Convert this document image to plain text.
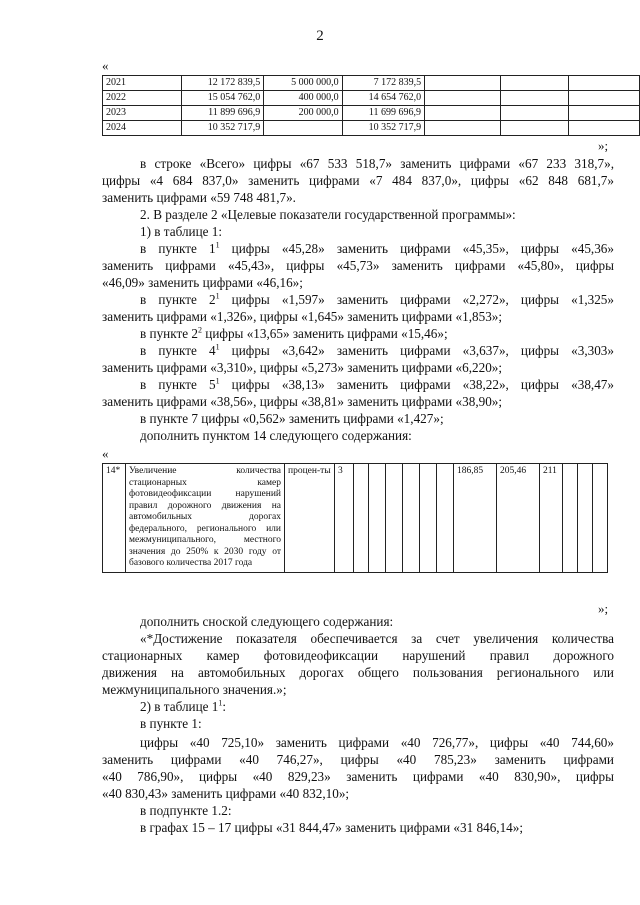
2
«
2021	12 172 839,5	5 000 000,0	7 172 839,5			
2022	15 054 762,0	400 000,0	14 654 762,0			
2023	11 899 696,9	200 000,0	11 699 696,9			
2024	10 352 717,9		10 352 717,9			
»;
в строке «Всего» цифры «67 533 518,7» заменить цифрами «67 233 318,7»,
цифры «4 684 837,0» заменить цифрами «7 484 837,0», цифры «62 848 681,7»
заменить цифрами «59 748 481,7».
2. В разделе 2 «Целевые показатели государственной программы»:
1) в таблице 1:
в пункте $1^1$ цифры «45,28» заменить цифрами «45,35», цифры «45,36»
заменить цифрами «45,43», цифры «45,73» заменить цифрами «45,80», цифры
«46,09» заменить цифрами «46,16»;
в пункте $2^1$ цифры «1,597» заменить цифрами «2,272», цифры «1,325»
заменить цифрами «1,326», цифры «1,645» заменить цифрами «1,853»;
в пункте $2^2$ цифры «13,65» заменить цифрами «15,46»;
в пункте $4^1$ цифры «3,642» заменить цифрами «3,637», цифры «3,303»
заменить цифрами «3,310», цифры «5,273» заменить цифрами «6,220»;
в пункте $5^1$ цифры «38,13» заменить цифрами «38,22», цифры «38,47»
заменить цифрами «38,56», цифры «38,81» заменить цифрами «38,90»;
в пункте 7 цифры «0,562» заменить цифрами «1,427»;
дополнить пунктом 14 следующего содержания:
«
14*	Увеличение количества стационарных камер фотовидеофиксации нарушений правил дорожного движения на автомобильных дорогах федерального, регионального или межмуниципального, местного значения до 250% к 2030 году от базового количества 2017 года	процен-ты	3							186,85	205,46	211			
»;
дополнить сноской следующего содержания:
«*Достижение показателя обеспечивается за счет увеличения количества
стационарных камер фотовидеофиксации нарушений правил дорожного
движения на автомобильных дорогах общего пользования регионального или
межмуниципального значения.»;
2) в таблице $1^1$:
в пункте 1:
цифры «40 725,10» заменить цифрами «40 726,77», цифры «40 744,60»
заменить цифрами «40 746,27», цифры «40 785,23» заменить цифрами
«40 786,90», цифры «40 829,23» заменить цифрами «40 830,90», цифры
«40 830,43» заменить цифрами «40 832,10»;
в подпункте 1.2:
в графах 15 – 17 цифры «31 844,47» заменить цифрами «31 846,14»;
